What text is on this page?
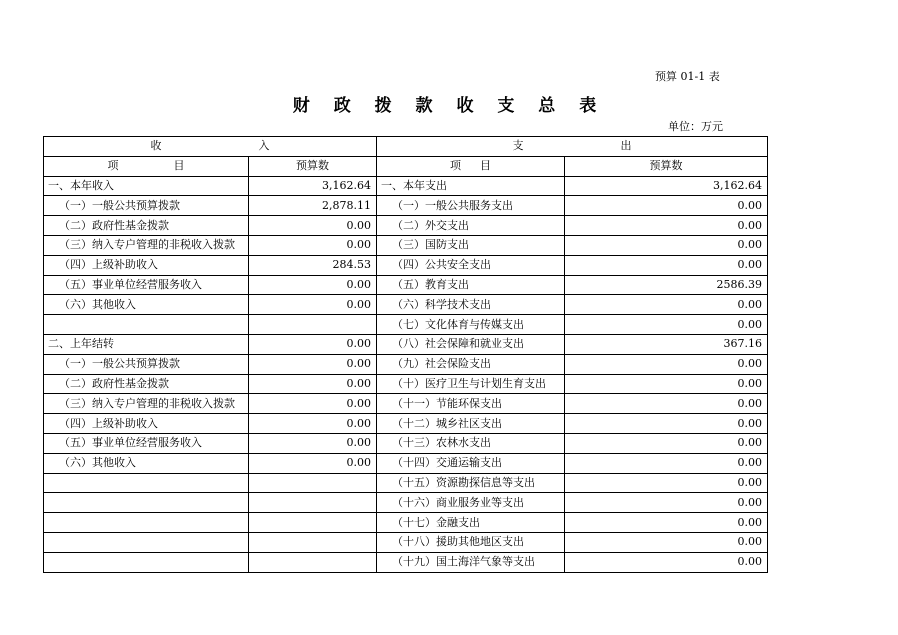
预算 01-1 表
财 政 拨 款 收 支 总 表
单位：万元
收 入		支 出	
项 目	预算数	项 目	预算数
一、本年收入	3,162.64	一、本年支出	3,162.64
（一）一般公共预算拨款	2,878.11	（一）一般公共服务支出	0.00
（二）政府性基金拨款	0.00	（二）外交支出	0.00
（三）纳入专户管理的非税收入拨款	0.00	（三）国防支出	0.00
（四）上级补助收入	284.53	（四）公共安全支出	0.00
（五）事业单位经营服务收入	0.00	（五）教育支出	2586.39
（六）其他收入	0.00	（六）科学技术支出	0.00
		（七）文化体育与传媒支出	0.00
二、上年结转	0.00	（八）社会保障和就业支出	367.16
（一）一般公共预算拨款	0.00	（九）社会保险支出	0.00
（二）政府性基金拨款	0.00	（十）医疗卫生与计划生育支出	0.00
（三）纳入专户管理的非税收入拨款	0.00	（十一）节能环保支出	0.00
（四）上级补助收入	0.00	（十二）城乡社区支出	0.00
（五）事业单位经营服务收入	0.00	（十三）农林水支出	0.00
（六）其他收入	0.00	（十四）交通运输支出	0.00
		（十五）资源勘探信息等支出	0.00
		（十六）商业服务业等支出	0.00
		（十七）金融支出	0.00
		（十八）援助其他地区支出	0.00
		（十九）国土海洋气象等支出	0.00
